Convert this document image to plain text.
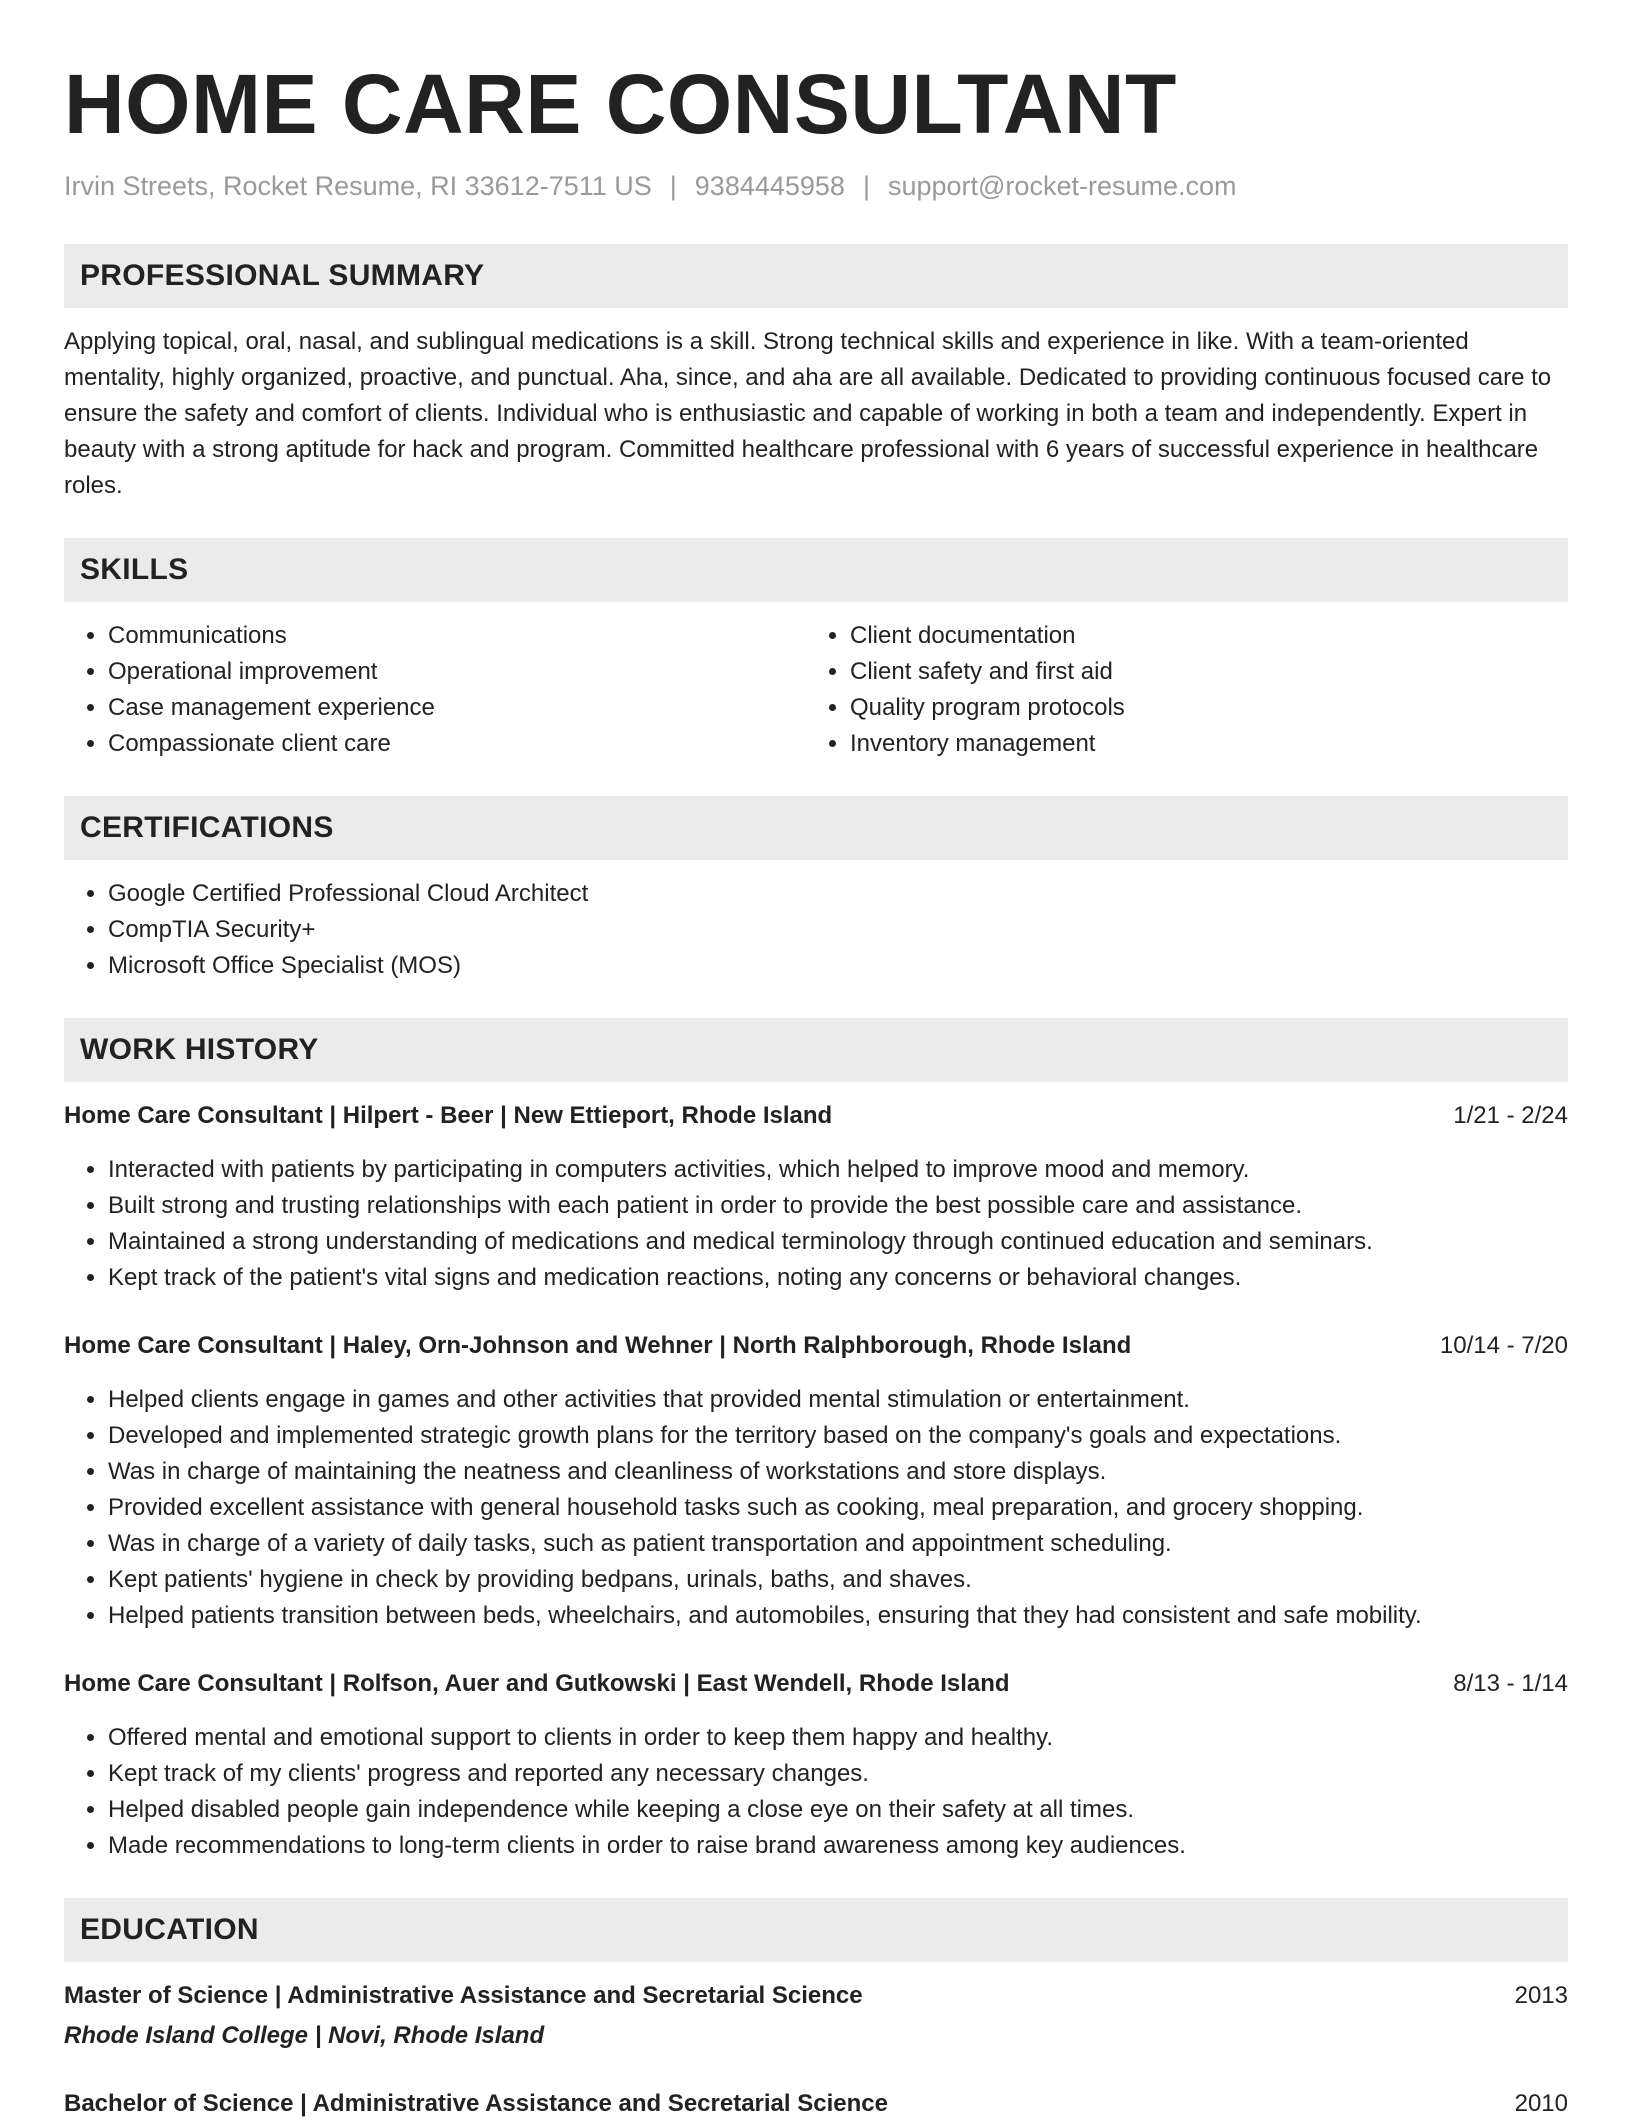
HOME CARE CONSULTANT
Irvin Streets, Rocket Resume, RI 33612-7511 US | 9384445958 | support@rocket-resume.com
PROFESSIONAL SUMMARY
Applying topical, oral, nasal, and sublingual medications is a skill. Strong technical skills and experience in like. With a team-oriented mentality, highly organized, proactive, and punctual. Aha, since, and aha are all available. Dedicated to providing continuous focused care to ensure the safety and comfort of clients. Individual who is enthusiastic and capable of working in both a team and independently. Expert in beauty with a strong aptitude for hack and program. Committed healthcare professional with 6 years of successful experience in healthcare roles.
SKILLS
• Communications
• Operational improvement
• Case management experience
• Compassionate client care
• Client documentation
• Client safety and first aid
• Quality program protocols
• Inventory management
CERTIFICATIONS
• Google Certified Professional Cloud Architect
• CompTIA Security+
• Microsoft Office Specialist (MOS)
WORK HISTORY
Home Care Consultant | Hilpert - Beer | New Ettieport, Rhode Island	1/21 - 2/24
• Interacted with patients by participating in computers activities, which helped to improve mood and memory.
• Built strong and trusting relationships with each patient in order to provide the best possible care and assistance.
• Maintained a strong understanding of medications and medical terminology through continued education and seminars.
• Kept track of the patient's vital signs and medication reactions, noting any concerns or behavioral changes.
Home Care Consultant | Haley, Orn-Johnson and Wehner | North Ralphborough, Rhode Island	10/14 - 7/20
• Helped clients engage in games and other activities that provided mental stimulation or entertainment.
• Developed and implemented strategic growth plans for the territory based on the company's goals and expectations.
• Was in charge of maintaining the neatness and cleanliness of workstations and store displays.
• Provided excellent assistance with general household tasks such as cooking, meal preparation, and grocery shopping.
• Was in charge of a variety of daily tasks, such as patient transportation and appointment scheduling.
• Kept patients' hygiene in check by providing bedpans, urinals, baths, and shaves.
• Helped patients transition between beds, wheelchairs, and automobiles, ensuring that they had consistent and safe mobility.
Home Care Consultant | Rolfson, Auer and Gutkowski | East Wendell, Rhode Island	8/13 - 1/14
• Offered mental and emotional support to clients in order to keep them happy and healthy.
• Kept track of my clients' progress and reported any necessary changes.
• Helped disabled people gain independence while keeping a close eye on their safety at all times.
• Made recommendations to long-term clients in order to raise brand awareness among key audiences.
EDUCATION
Master of Science | Administrative Assistance and Secretarial Science	2013
Rhode Island College | Novi, Rhode Island
Bachelor of Science | Administrative Assistance and Secretarial Science	2010
